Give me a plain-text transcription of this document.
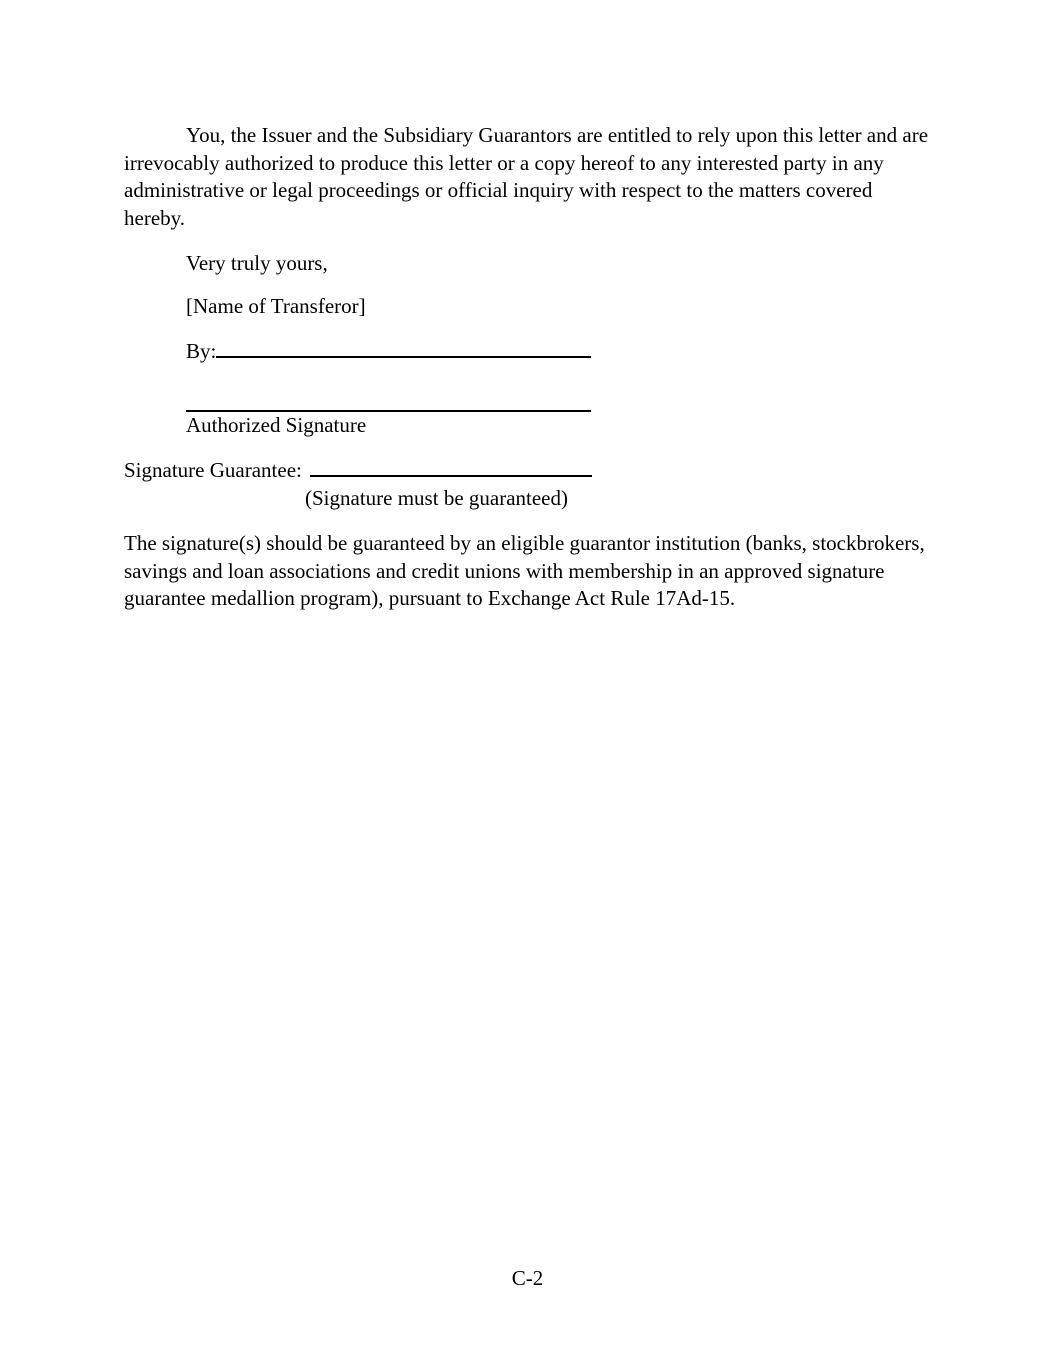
You, the Issuer and the Subsidiary Guarantors are entitled to rely upon this letter and are irrevocably authorized to produce this letter or a copy hereof to any interested party in any administrative or legal proceedings or official inquiry with respect to the matters covered hereby.

Very truly yours,

[Name of Transferor]

By:

Authorized Signature

Signature Guarantee:

(Signature must be guaranteed)

The signature(s) should be guaranteed by an eligible guarantor institution (banks, stockbrokers, savings and loan associations and credit unions with membership in an approved signature guarantee medallion program), pursuant to Exchange Act Rule 17Ad-15.

C-2
